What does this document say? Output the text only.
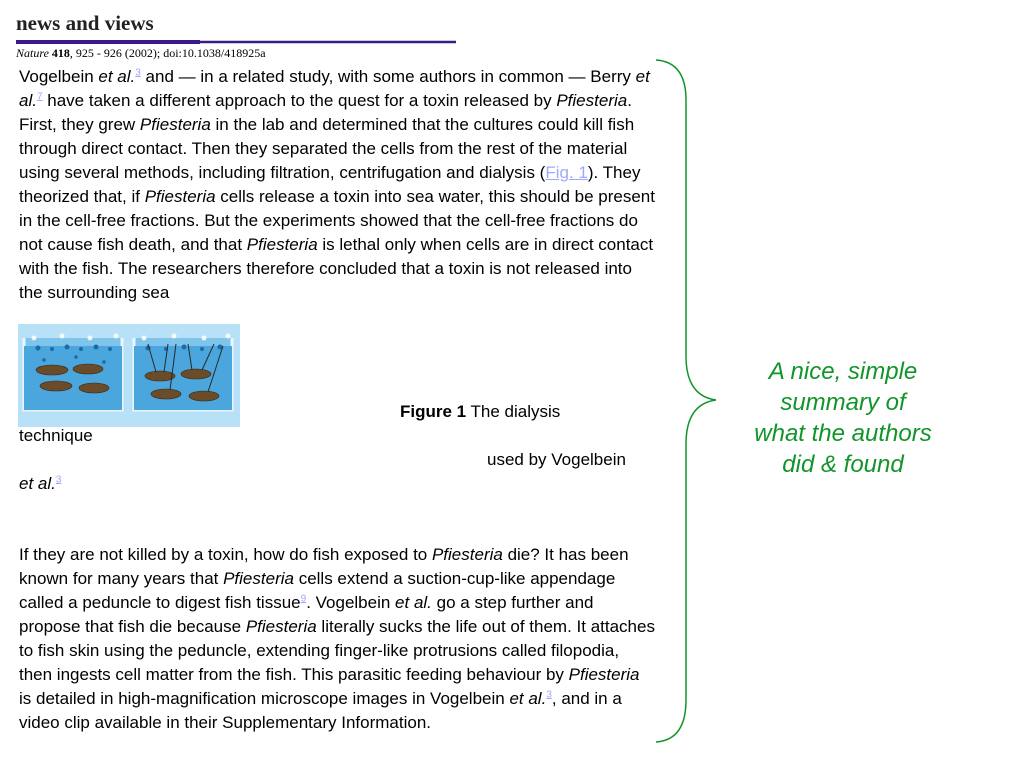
news and views
Nature 418, 925 - 926 (2002); doi:10.1038/418925a
Vogelbein et al.$^3$ and — in a related study, with some authors in common — Berry et al.$^7$ have taken a different approach to the quest for a toxin released by Pfiesteria. First, they grew Pfiesteria in the lab and determined that the cultures could kill fish through direct contact. Then they separated the cells from the rest of the material using several methods, including filtration, centrifugation and dialysis (Fig. 1). They theorized that, if Pfiesteria cells release a toxin into sea water, this should be present in the cell-free fractions. But the experiments showed that the cell-free fractions do not cause fish death, and that Pfiesteria is lethal only when cells are in direct contact with the fish. The researchers therefore concluded that a toxin is not released into the surrounding sea
Figure 1 The dialysis
technique
used by Vogelbein
et al.$^3$
If they are not killed by a toxin, how do fish exposed to Pfiesteria die? It has been known for many years that Pfiesteria cells extend a suction-cup-like appendage called a peduncle to digest fish tissue$^9$. Vogelbein et al. go a step further and propose that fish die because Pfiesteria literally sucks the life out of them. It attaches to fish skin using the peduncle, extending finger-like protrusions called filopodia, then ingests cell matter from the fish. This parasitic feeding behaviour by Pfiesteria is detailed in high-magnification microscope images in Vogelbein et al.$^3$, and in a video clip available in their Supplementary Information.
A nice, simple
summary of
what the authors
did & found
